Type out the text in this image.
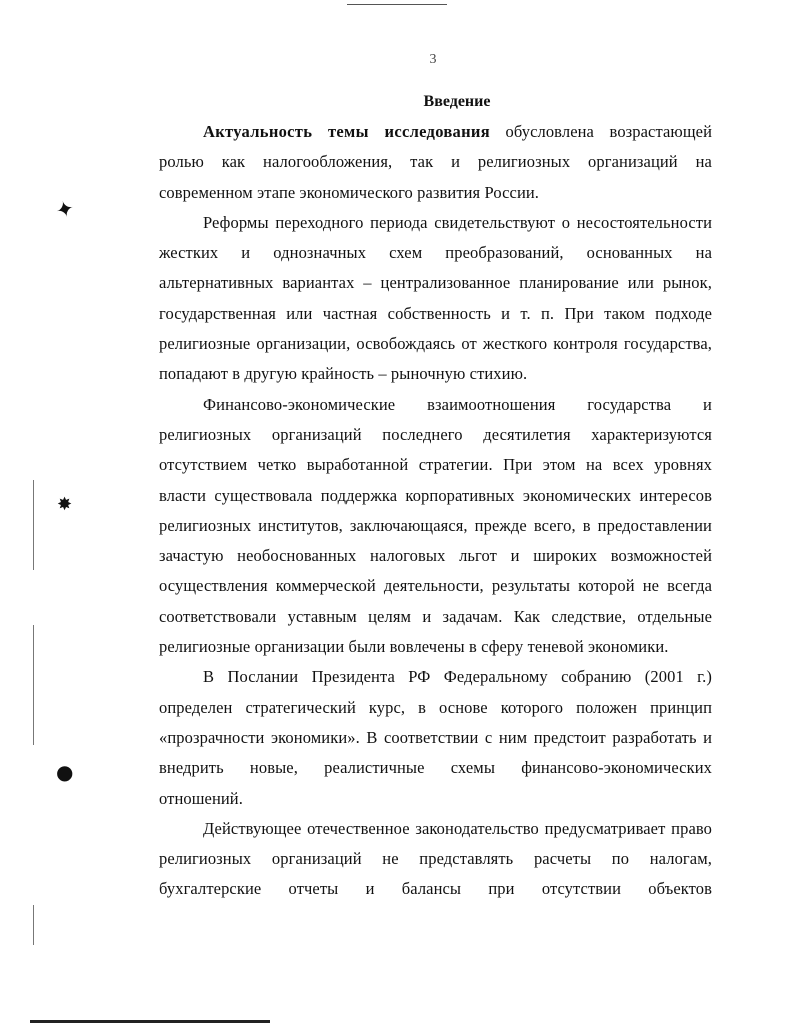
3
Введение

Актуальность темы исследования обусловлена возрастающей ролью как налогообложения, так и религиозных организаций на современном этапе экономического развития России.

Реформы переходного периода свидетельствуют о несостоятельности жестких и однозначных схем преобразований, основанных на альтернативных вариантах – централизованное планирование или рынок, государственная или частная собственность и т. п. При таком подходе религиозные организации, освобождаясь от жесткого контроля государства, попадают в другую крайность – рыночную стихию.

Финансово-экономические взаимоотношения государства и религиозных организаций последнего десятилетия характеризуются отсутствием четко выработанной стратегии. При этом на всех уровнях власти существовала поддержка корпоративных экономических интересов религиозных институтов, заключающаяся, прежде всего, в предоставлении зачастую необоснованных налоговых льгот и широких возможностей осуществления коммерческой деятельности, результаты которой не всегда соответствовали уставным целям и задачам. Как следствие, отдельные религиозные организации были вовлечены в сферу теневой экономики.

В Послании Президента РФ Федеральному собранию (2001 г.) определен стратегический курс, в основе которого положен принцип «прозрачности экономики». В соответствии с ним предстоит разработать и внедрить новые, реалистичные схемы финансово-экономических отношений.

Действующее отечественное законодательство предусматривает право религиозных организаций не представлять расчеты по налогам, бухгалтерские отчеты и балансы при отсутствии объектов

✦
✸
●
